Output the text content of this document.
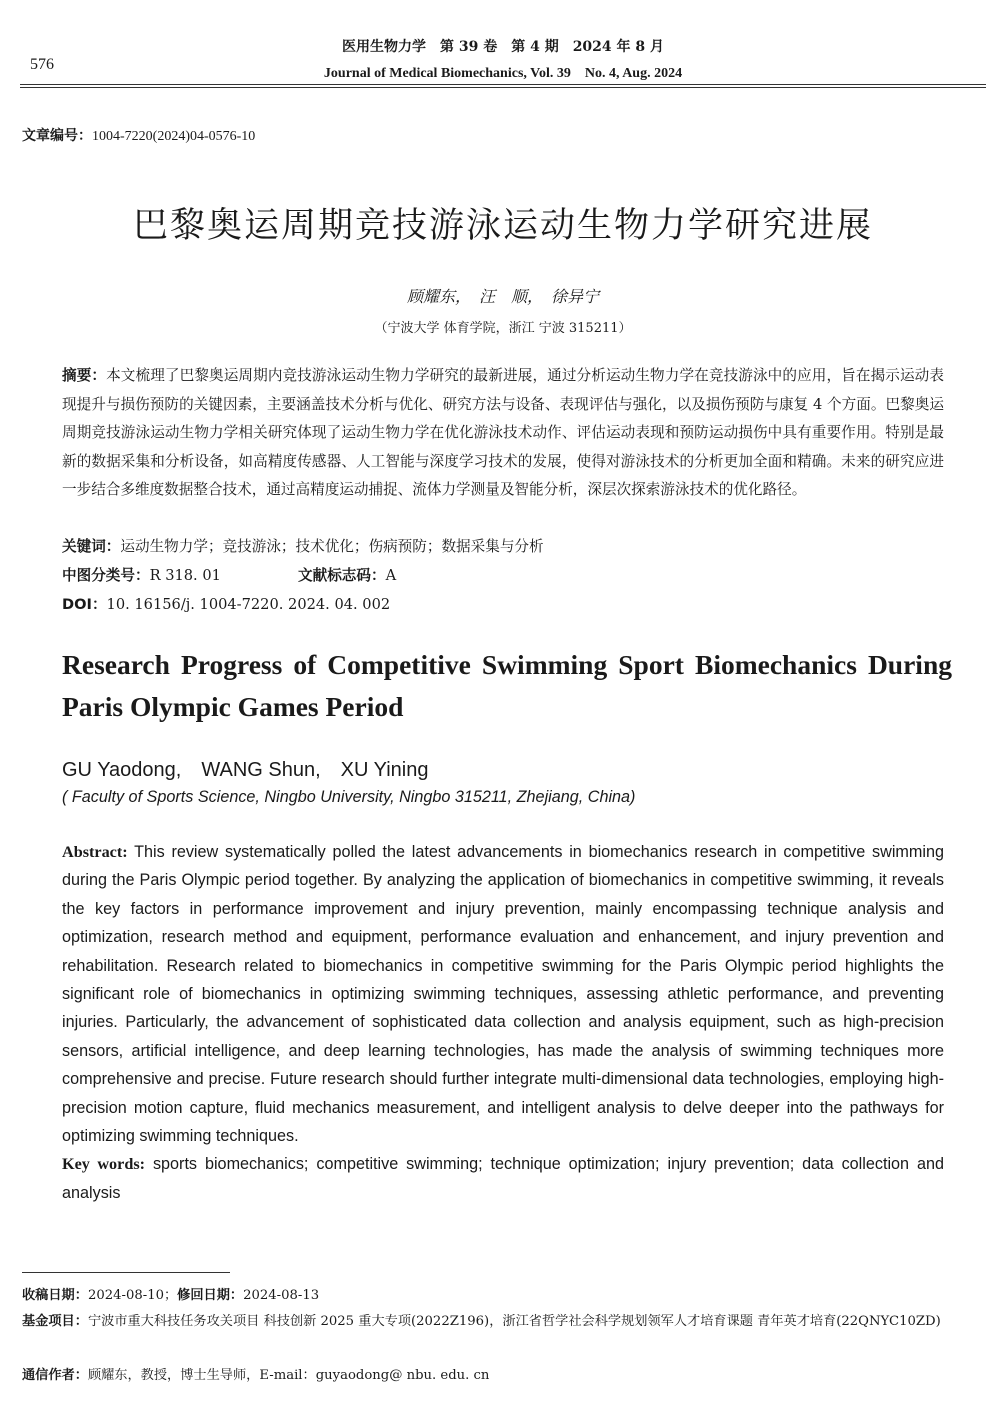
576
医用生物力学　第 39 卷　第 4 期　2024 年 8 月
Journal of Medical Biomechanics, Vol. 39　No. 4, Aug. 2024
文章编号：1004-7220(2024)04-0576-10
巴黎奥运周期竞技游泳运动生物力学研究进展
顾耀东，　汪　顺，　徐异宁
（宁波大学 体育学院，浙江 宁波 315211）
摘要：本文梳理了巴黎奥运周期内竞技游泳运动生物力学研究的最新进展，通过分析运动生物力学在竞技游泳中的应用，旨在揭示运动表现提升与损伤预防的关键因素，主要涵盖技术分析与优化、研究方法与设备、表现评估与强化，以及损伤预防与康复 4 个方面。巴黎奥运周期竞技游泳运动生物力学相关研究体现了运动生物力学在优化游泳技术动作、评估运动表现和预防运动损伤中具有重要作用。特别是最新的数据采集和分析设备，如高精度传感器、人工智能与深度学习技术的发展，使得对游泳技术的分析更加全面和精确。未来的研究应进一步结合多维度数据整合技术，通过高精度运动捕捉、流体力学测量及智能分析，深层次探索游泳技术的优化路径。
关键词：运动生物力学；竞技游泳；技术优化；伤病预防；数据采集与分析
中图分类号：R 318. 01	文献标志码：A
DOI：10. 16156/j. 1004-7220. 2024. 04. 002
Research Progress of Competitive Swimming Sport Biomechanics During Paris Olympic Games Period
GU Yaodong,　WANG Shun,　XU Yining
( Faculty of Sports Science, Ningbo University, Ningbo 315211, Zhejiang, China)
Abstract: This review systematically polled the latest advancements in biomechanics research in competitive swimming during the Paris Olympic period together. By analyzing the application of biomechanics in competitive swimming, it reveals the key factors in performance improvement and injury prevention, mainly encompassing technique analysis and optimization, research method and equipment, performance evaluation and enhancement, and injury prevention and rehabilitation. Research related to biomechanics in competitive swimming for the Paris Olympic period highlights the significant role of biomechanics in optimizing swimming techniques, assessing athletic performance, and preventing injuries. Particularly, the advancement of sophisticated data collection and analysis equipment, such as high-precision sensors, artificial intelligence, and deep learning technologies, has made the analysis of swimming techniques more comprehensive and precise. Future research should further integrate multi-dimensional data technologies, employing high-precision motion capture, fluid mechanics measurement, and intelligent analysis to delve deeper into the pathways for optimizing swimming techniques.
Key words: sports biomechanics; competitive swimming; technique optimization; injury prevention; data collection and analysis
收稿日期：2024-08-10；修回日期：2024-08-13
基金项目：宁波市重大科技任务攻关项目 科技创新 2025 重大专项(2022Z196)，浙江省哲学社会科学规划领军人才培育课题 青年英才培育(22QNYC10ZD)
通信作者：顾耀东，教授，博士生导师，E-mail：guyaodong@ nbu. edu. cn
